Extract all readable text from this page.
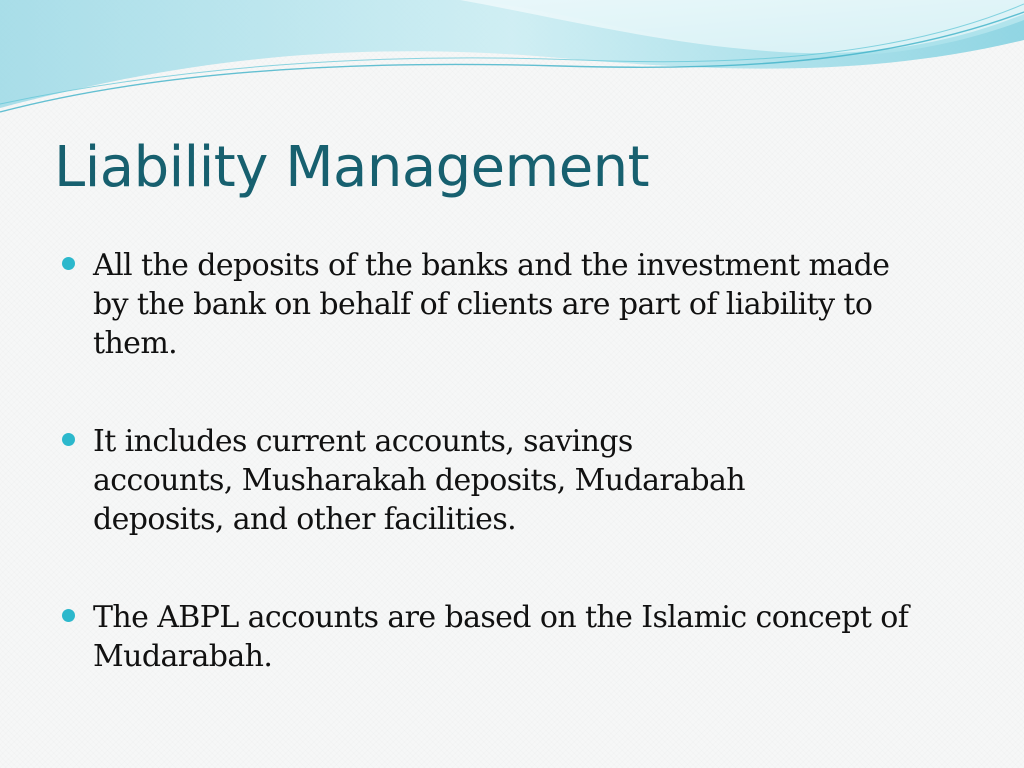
Liability Management
All the deposits of the banks and the investment made
by the bank on behalf of clients are part of liability to
them.
It includes current accounts, savings
accounts, Musharakah deposits, Mudarabah
deposits, and other facilities.
The ABPL accounts are based on the Islamic concept of
Mudarabah.
